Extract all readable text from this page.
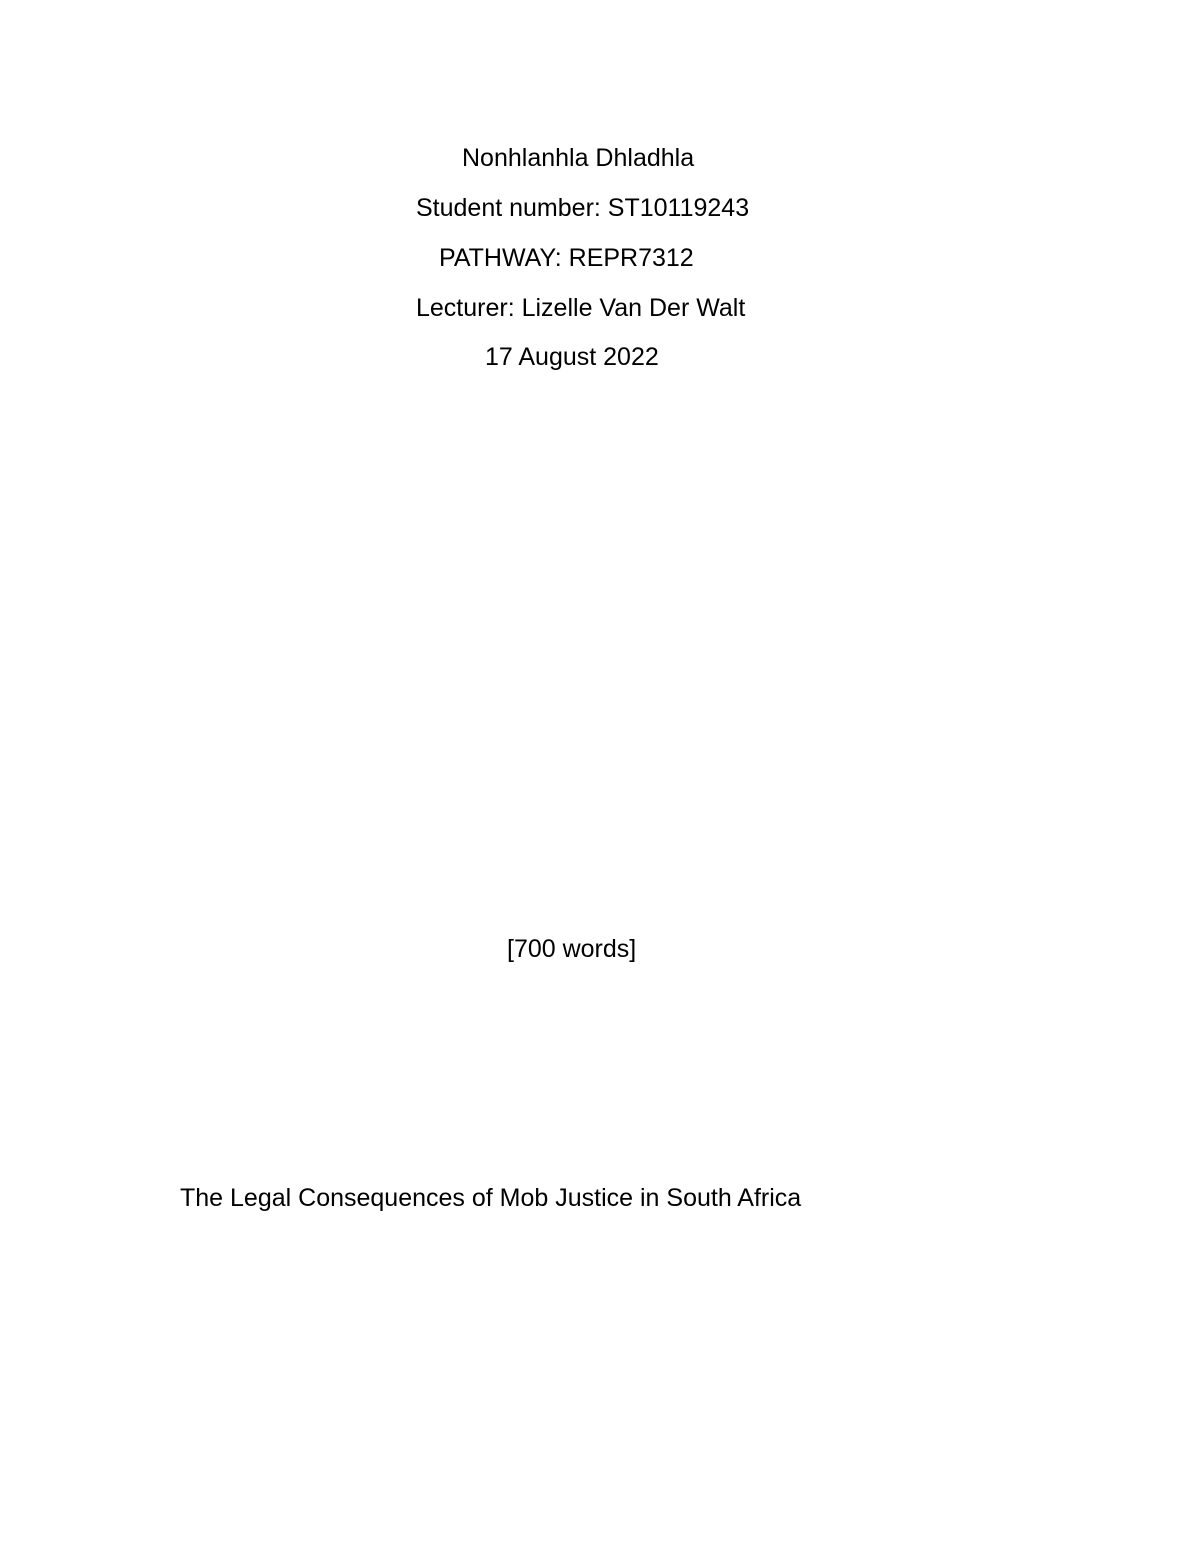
Nonhlanhla Dhladhla

Student number: ST10119243

PATHWAY: REPR7312

Lecturer: Lizelle Van Der Walt

17 August 2022

[700 words]

The Legal Consequences of Mob Justice in South Africa
